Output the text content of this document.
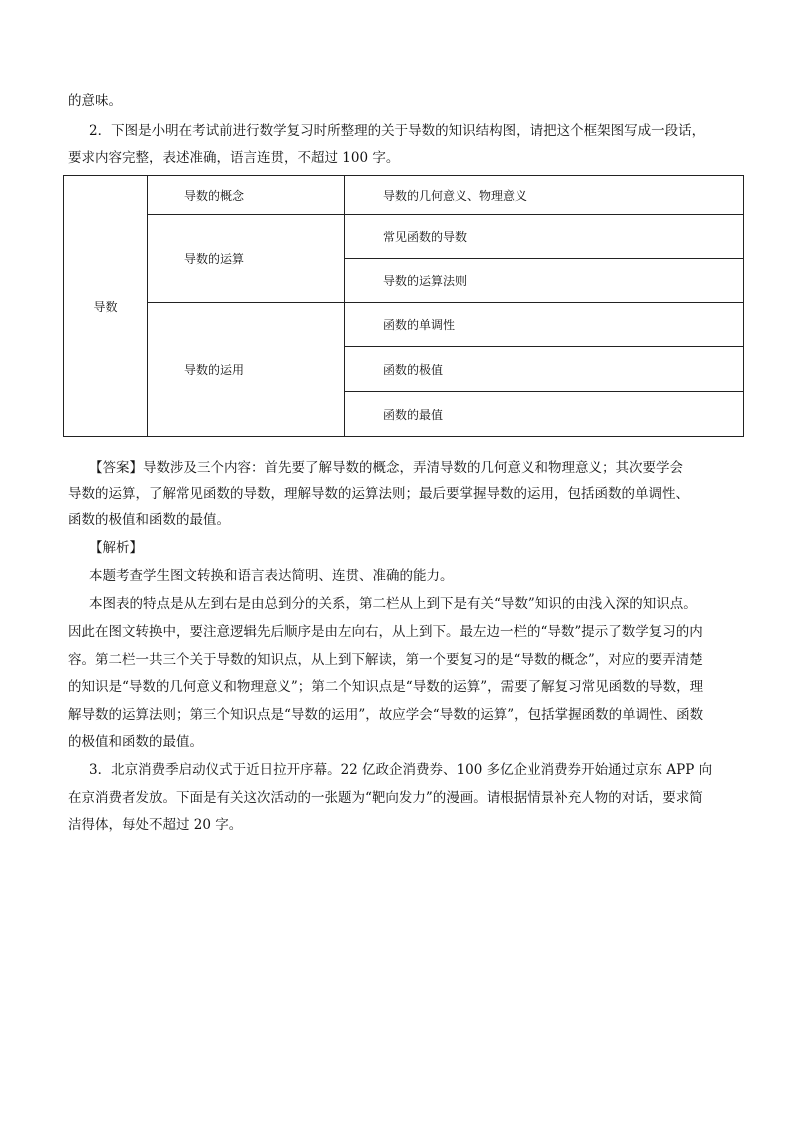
的意味。
2．下图是小明在考试前进行数学复习时所整理的关于导数的知识结构图，请把这个框架图写成一段话，
要求内容完整，表述准确，语言连贯，不超过 100 字。
导数	导数的概念	导数的几何意义、物理意义
	导数的运算	常见函数的导数
		导数的运算法则
	导数的运用	函数的单调性
		函数的极值
		函数的最值
【答案】导数涉及三个内容：首先要了解导数的概念，弄清导数的几何意义和物理意义；其次要学会
导数的运算，了解常见函数的导数，理解导数的运算法则；最后要掌握导数的运用，包括函数的单调性、
函数的极值和函数的最值。
【解析】
本题考查学生图文转换和语言表达简明、连贯、准确的能力。
本图表的特点是从左到右是由总到分的关系，第二栏从上到下是有关“导数”知识的由浅入深的知识点。
因此在图文转换中，要注意逻辑先后顺序是由左向右，从上到下。最左边一栏的“导数”提示了数学复习的内
容。第二栏一共三个关于导数的知识点，从上到下解读，第一个要复习的是“导数的概念”，对应的要弄清楚
的知识是“导数的几何意义和物理意义”；第二个知识点是“导数的运算”，需要了解复习常见函数的导数，理
解导数的运算法则；第三个知识点是“导数的运用”，故应学会“导数的运算”，包括掌握函数的单调性、函数
的极值和函数的最值。
3．北京消费季启动仪式于近日拉开序幕。22 亿政企消费券、100 多亿企业消费券开始通过京东 APP 向
在京消费者发放。下面是有关这次活动的一张题为“靶向发力”的漫画。请根据情景补充人物的对话，要求简
洁得体，每处不超过 20 字。
